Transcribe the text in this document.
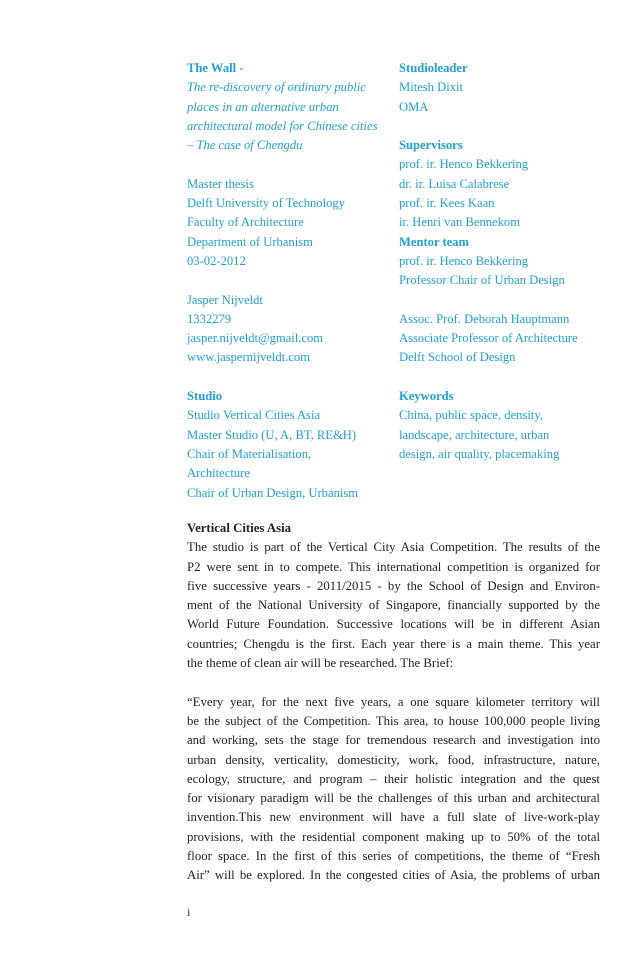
The Wall -
The re-discovery of ordinary public
places in an alternative urban
architectural model for Chinese cities
– The case of Chengdu
Master thesis
Delft University of Technology
Faculty of Architecture
Department of Urbanism
03-02-2012
Jasper Nijveldt
1332279
jasper.nijveldt@gmail.com
www.jaspernijveldt.com
Studio
Studio Vertical Cities Asia
Master Studio (U, A, BT, RE&H)
Chair of Materialisation,
Architecture
Chair of Urban Design, Urbanism
Studioleader
Mitesh Dixit
OMA
Supervisors
prof. ir. Henco Bekkering
dr. ir. Luisa Calabrese
prof. ir. Kees Kaan
ir. Henri van Bennekom
Mentor team
prof. ir. Henco Bekkering
Professor Chair of Urban Design
Assoc. Prof. Deborah Hauptmann
Associate Professor of Architecture
Delft School of Design
Keywords
China, public space, density,
landscape, architecture, urban
design, air quality, placemaking

Vertical Cities Asia

The studio is part of the Vertical City Asia Competition. The results of the

P2 were sent in to compete. This international competition is organized for

five successive years - 2011/2015 - by the School of Design and Environ-

ment of the National University of Singapore, financially supported by the

World Future Foundation. Successive locations will be in different Asian

countries; Chengdu is the first. Each year there is a main theme. This year

the theme of clean air will be researched. The Brief:

“Every year, for the next five years, a one square kilometer territory will

be the subject of the Competition. This area, to house 100,000 people living

and working, sets the stage for tremendous research and investigation into

urban density, verticality, domesticity, work, food, infrastructure, nature,

ecology, structure, and program – their holistic integration and the quest

for visionary paradigm will be the challenges of this urban and architectural

invention.This new environment will have a full slate of live-work-play

provisions, with the residential component making up to 50% of the total

floor space. In the first of this series of competitions, the theme of “Fresh

Air” will be explored. In the congested cities of Asia, the problems of urban

i
